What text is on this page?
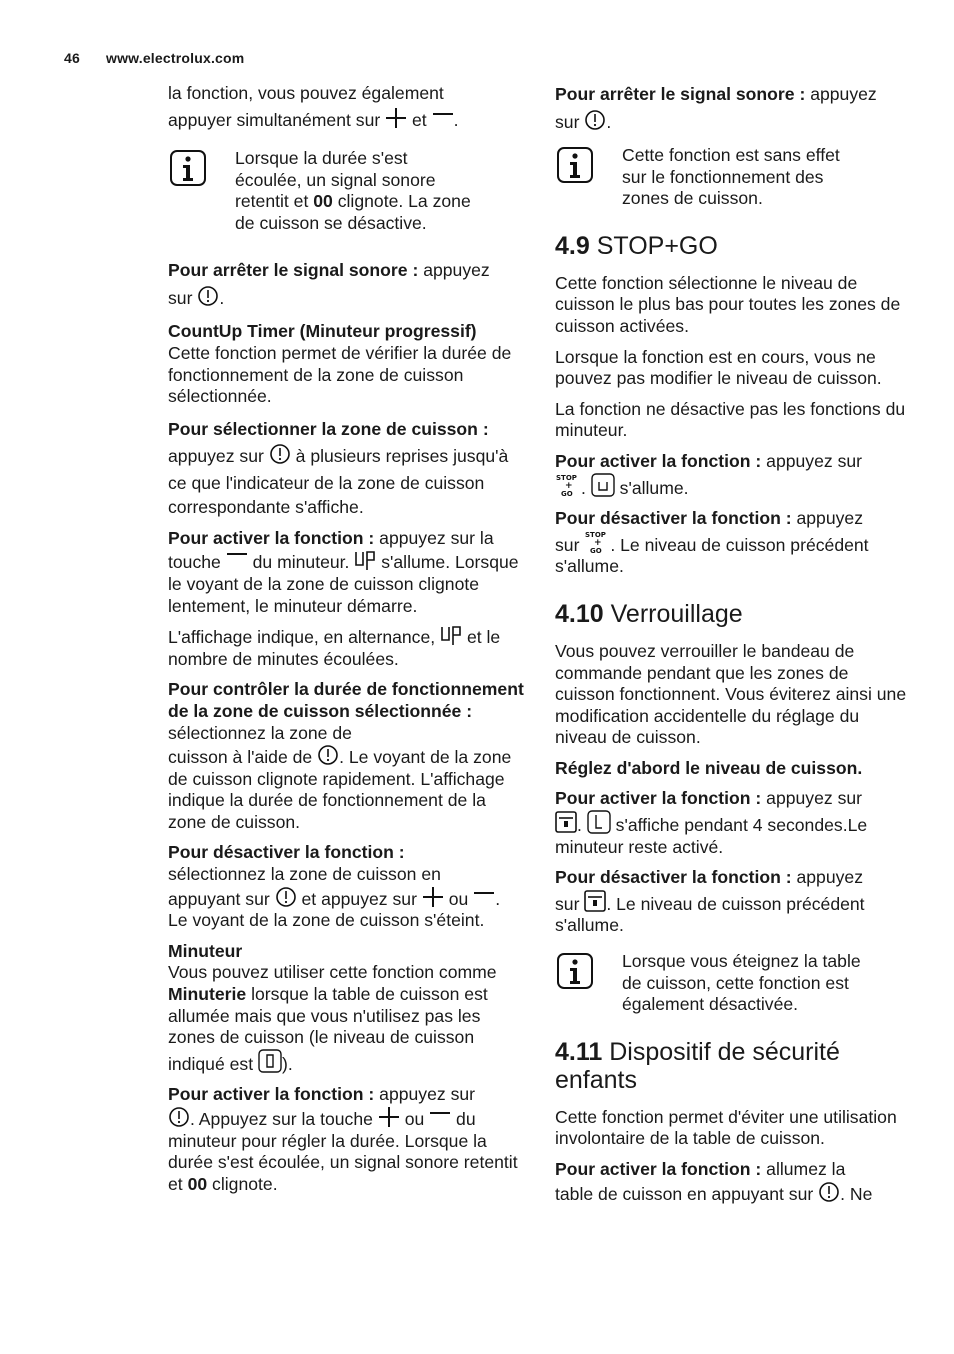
46 www.electrolux.com

la fonction, vous pouvez également
appuyer simultanément sur et .

Lorsque la durée s'est écoulée, un signal sonore retentit et 00 clignote. La zone de cuisson se désactive.

Pour arrêter le signal sonore : appuyez
sur .

CountUp Timer (Minuteur progressif)
Cette fonction permet de vérifier la durée de fonctionnement de la zone de cuisson sélectionnée.

Pour sélectionner la zone de cuisson :
appuyez sur à plusieurs reprises jusqu'à ce que l'indicateur de la zone de cuisson correspondante s'affiche.

Pour activer la fonction : appuyez sur la
touche du minuteur. s'allume. Lorsque le voyant de la zone de cuisson clignote lentement, le minuteur démarre.

L'affichage indique, en alternance, et le nombre de minutes écoulées.

Pour contrôler la durée de fonctionnement de la zone de cuisson sélectionnée : sélectionnez la zone de
cuisson à l'aide de . Le voyant de la zone de cuisson clignote rapidement. L'affichage indique la durée de fonctionnement de la zone de cuisson.

Pour désactiver la fonction :
sélectionnez la zone de cuisson en
appuyant sur et appuyez sur ou .
Le voyant de la zone de cuisson s'éteint.

Minuteur
Vous pouvez utiliser cette fonction comme Minuterie lorsque la table de cuisson est allumée mais que vous n'utilisez pas les zones de cuisson (le niveau de cuisson
indiqué est ).

Pour activer la fonction : appuyez sur
. Appuyez sur la touche ou du minuteur pour régler la durée. Lorsque la durée s'est écoulée, un signal sonore retentit et 00 clignote.

Pour arrêter le signal sonore : appuyez
sur .

Cette fonction est sans effet sur le fonctionnement des zones de cuisson.
4.9 STOP+GO

Cette fonction sélectionne le niveau de cuisson le plus bas pour toutes les zones de cuisson activées.

Lorsque la fonction est en cours, vous ne pouvez pas modifier le niveau de cuisson.

La fonction ne désactive pas les fonctions du minuteur.

Pour activer la fonction : appuyez sur

STOP
+
GO . s'allume.

Pour désactiver la fonction : appuyez
sur STOP
+
GO . Le niveau de cuisson précédent s'allume.

4.10 Verrouillage

Vous pouvez verrouiller le bandeau de commande pendant que les zones de cuisson fonctionnent. Vous éviterez ainsi une modification accidentelle du réglage du niveau de cuisson.

Réglez d'abord le niveau de cuisson.

Pour activer la fonction : appuyez sur
. s'affiche pendant 4 secondes.Le minuteur reste activé.

Pour désactiver la fonction : appuyez
sur . Le niveau de cuisson précédent s'allume.

Lorsque vous éteignez la table de cuisson, cette fonction est également désactivée.
4.11 Dispositif de sécurité enfants

Cette fonction permet d'éviter une utilisation involontaire de la table de cuisson.

Pour activer la fonction : allumez la
table de cuisson en appuyant sur . Ne
